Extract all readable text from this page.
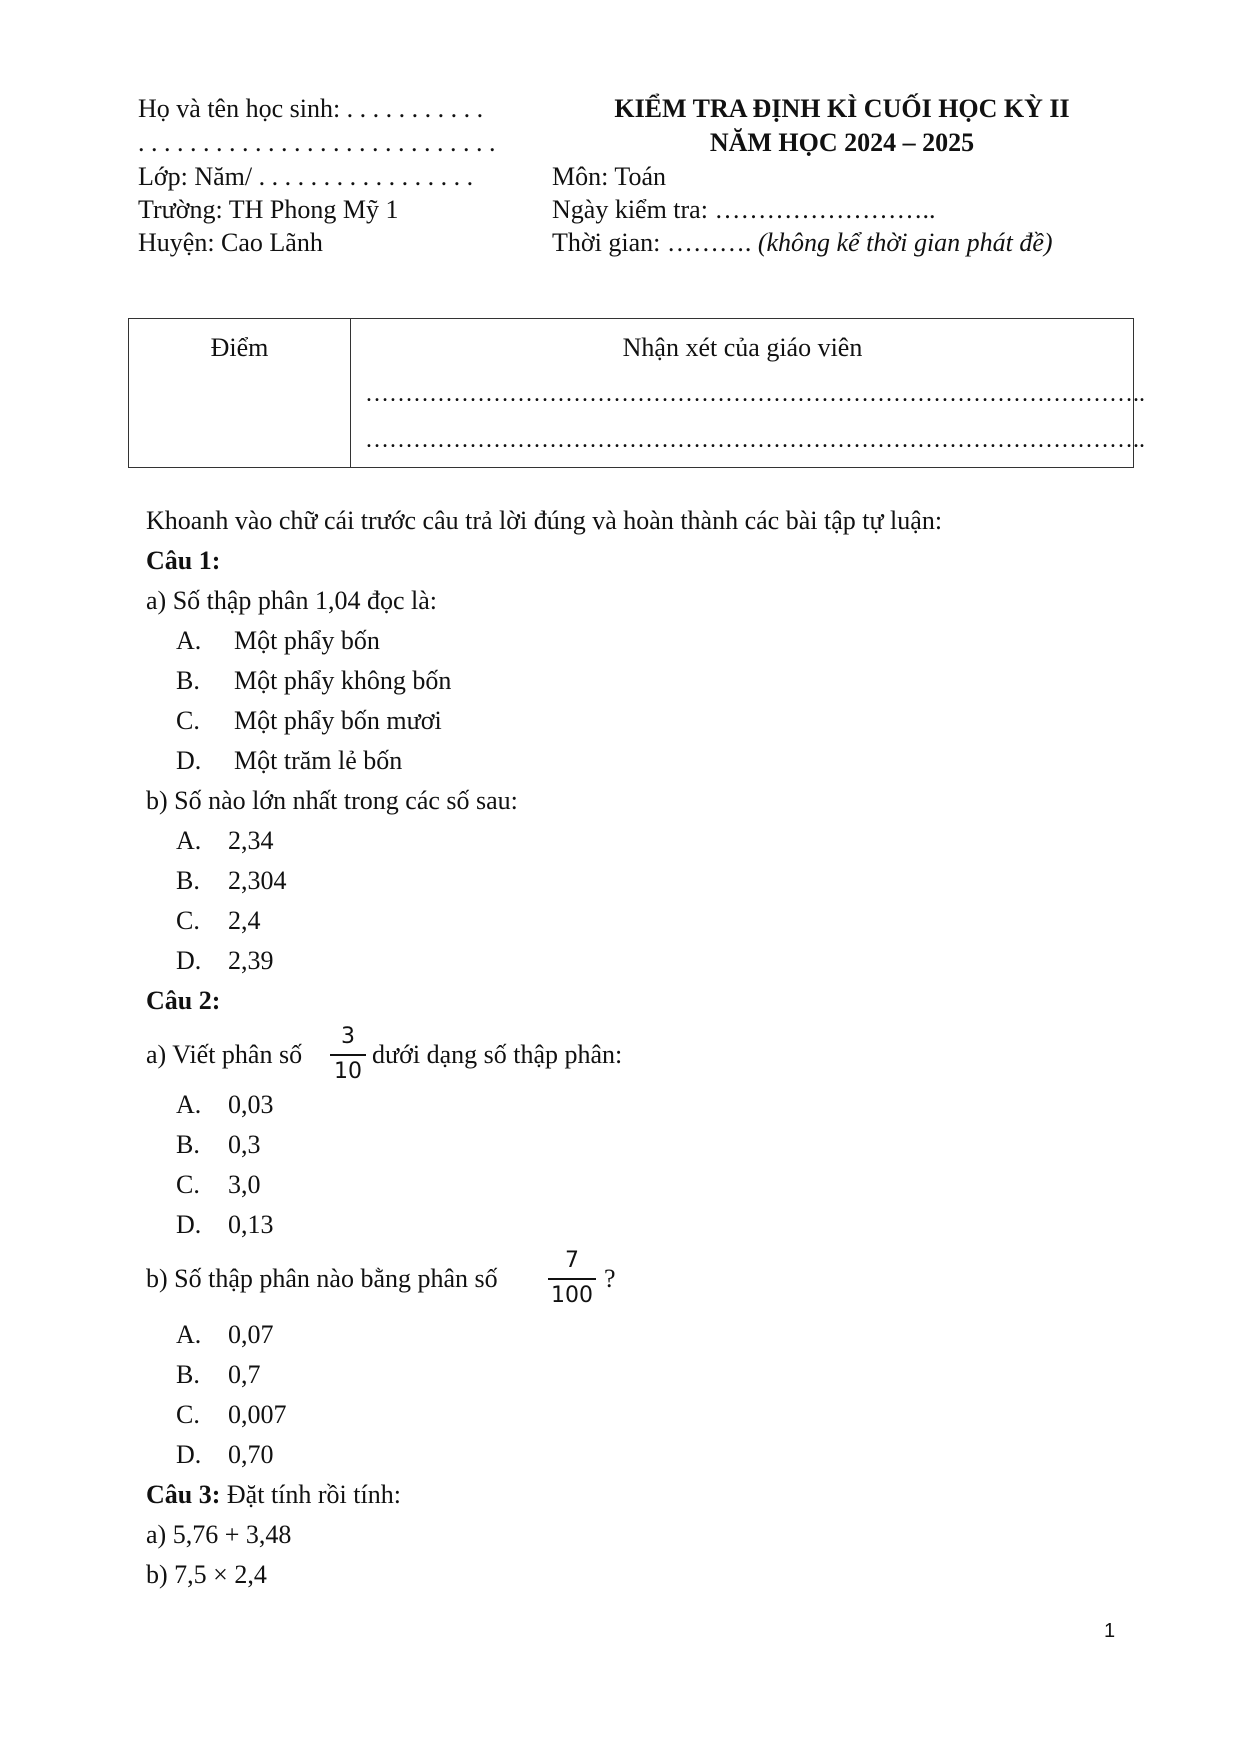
Họ và tên học sinh: . . . . . . . . . . .
. . . . . . . . . . . . . . . . . . . . . . . . . . . .
Lớp: Năm/ . . . . . . . . . . . . . . . . .
Trường: TH Phong Mỹ 1
Huyện: Cao Lãnh
KIỂM TRA ĐỊNH KÌ CUỐI HỌC KỲ II
NĂM HỌC 2024 – 2025
Môn: Toán
Ngày kiểm tra: ……………………..
Thời gian: ………. (không kể thời gian phát đề)
Điểm	Nhận xét của giáo viên
……………………………………………………………………………………..
……………………………………………………………………………………..
Khoanh vào chữ cái trước câu trả lời đúng và hoàn thành các bài tập tự luận:
Câu 1:
a) Số thập phân 1,04 đọc là:
A. Một phẩy bốn
B. Một phẩy không bốn
C. Một phẩy bốn mươi
D. Một trăm lẻ bốn
b) Số nào lớn nhất trong các số sau:
A. 2,34
B. 2,304
C. 2,4
D. 2,39
Câu 2:
a) Viết phân số
3
10
dưới dạng số thập phân:
A. 0,03
B. 0,3
C. 3,0
D. 0,13
b) Số thập phân nào bằng phân số
7
100
?
A. 0,07
B. 0,7
C. 0,007
D. 0,70
Câu 3: Đặt tính rồi tính:
a) 5,76 + 3,48
b) 7,5 × 2,4
1
